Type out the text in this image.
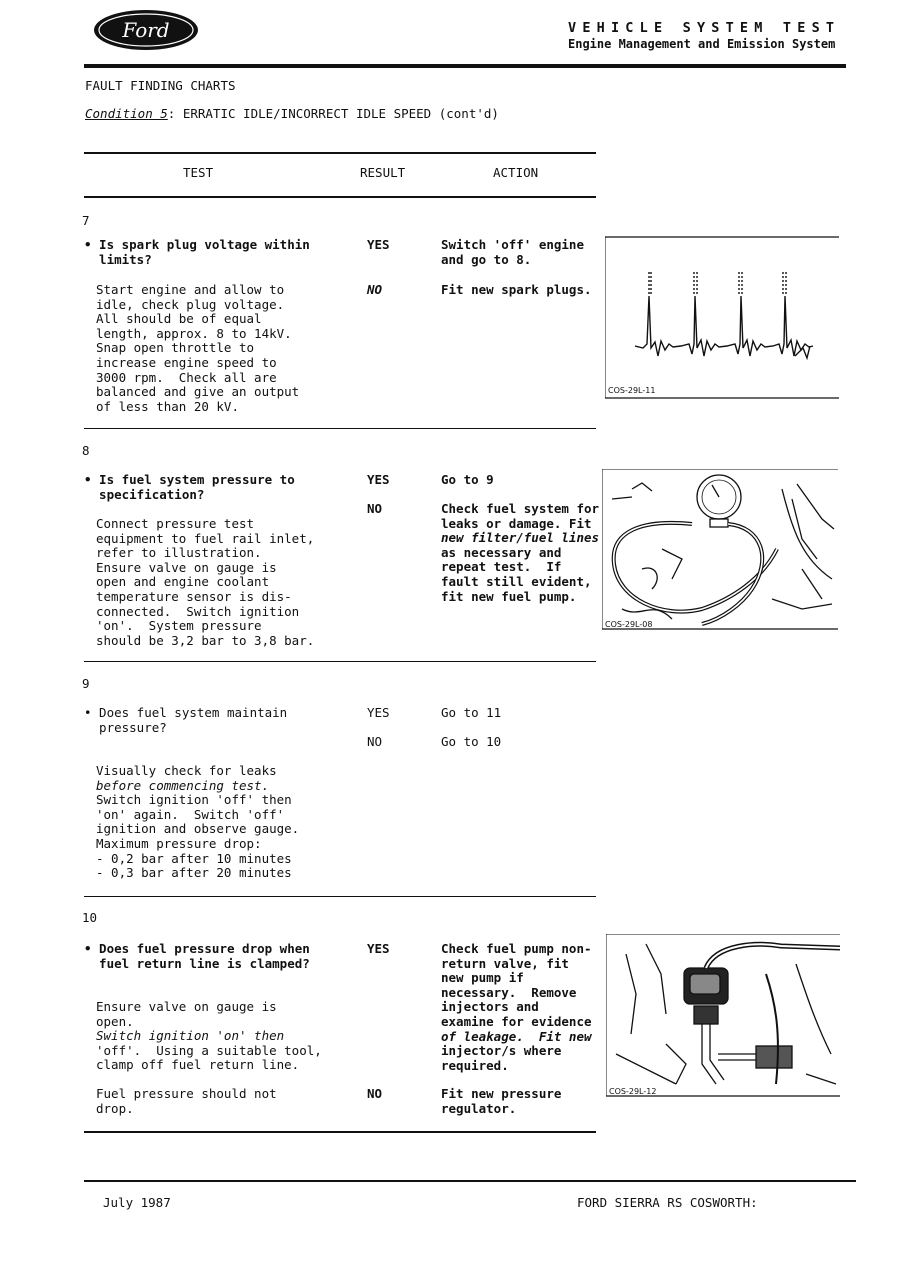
Ford	VEHICLE SYSTEM TEST
Engine Management and Emission System
FAULT FINDING CHARTS
Condition 5: ERRATIC IDLE/INCORRECT IDLE SPEED (cont'd)
TEST	RESULT	ACTION
7
• Is spark plug voltage within
limits?
Start engine and allow to
idle, check plug voltage.
All should be of equal
length, approx. 8 to 14kV.
Snap open throttle to
increase engine speed to
3000 rpm.  Check all are
balanced and give an output
of less than 20 kV.
YES	Switch 'off' engine
and go to 8.
NO	Fit new spark plugs.
COS-29L-11
8
• Is fuel system pressure to
specification?
Connect pressure test
equipment to fuel rail inlet,
refer to illustration.
Ensure valve on gauge is
open and engine coolant
temperature sensor is dis-
connected.  Switch ignition
'on'.  System pressure
should be 3,2 bar to 3,8 bar.
YES	Go to 9
NO	Check fuel system for
leaks or damage. Fit
new filter/fuel lines
as necessary and
repeat test.  If
fault still evident,
fit new fuel pump.
COS-29L-08
9
• Does fuel system maintain
pressure?
Visually check for leaks
before commencing test.
Switch ignition 'off' then
'on' again.  Switch 'off'
ignition and observe gauge.
Maximum pressure drop:
- 0,2 bar after 10 minutes
- 0,3 bar after 20 minutes
YES	Go to 11
NO	Go to 10
10
• Does fuel pressure drop when
fuel return line is clamped?
Ensure valve on gauge is
open.
Switch ignition 'on' then
'off'.  Using a suitable tool,
clamp off fuel return line.
Fuel pressure should not
drop.
YES	Check fuel pump non-
return valve, fit
new pump if
necessary.  Remove
injectors and
examine for evidence
of leakage.  Fit new
injector/s where
required.
NO	Fit new pressure
regulator.
COS-29L-12
July 1987	FORD SIERRA RS COSWORTH:
